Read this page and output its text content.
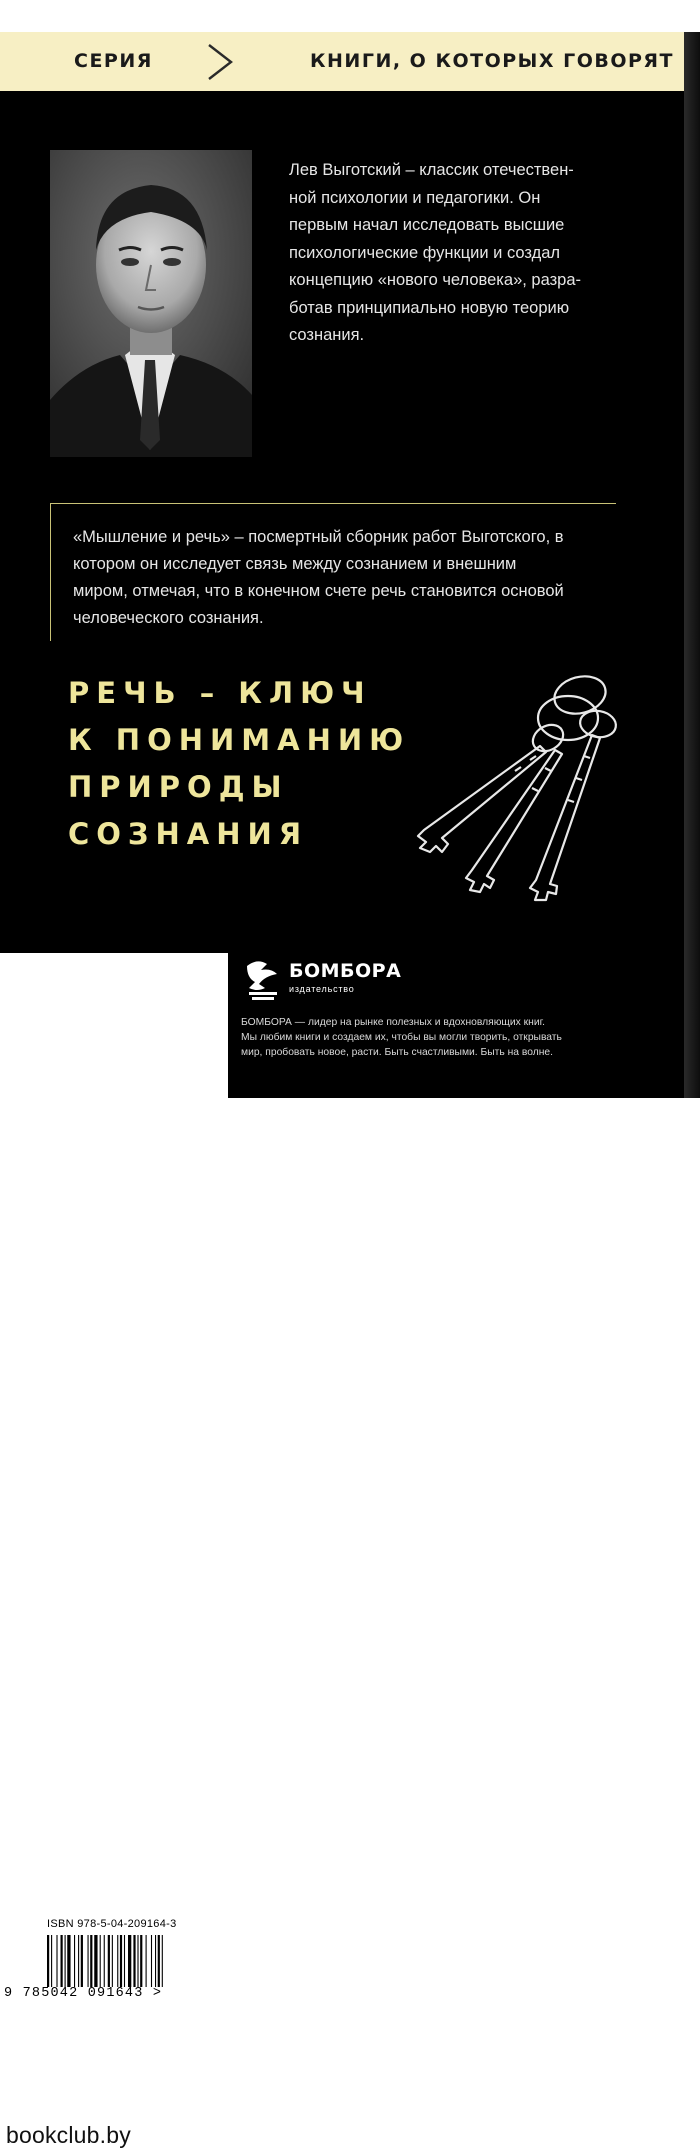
СЕРИЯ	КНИГИ, О КОТОРЫХ ГОВОРЯТ
Лев Выготский – классик отечествен-
ной психологии и педагогики. Он
первым начал исследовать высшие
психологические функции и создал
концепцию «нового человека», разра-
ботав принципиально новую теорию
сознания.
«Мышление и речь» – посмертный сборник работ Выготского, в
котором он исследует связь между сознанием и внешним
миром, отмечая, что в конечном счете речь становится основой
человеческого сознания.
РЕЧЬ – КЛЮЧ
К ПОНИМАНИЮ
ПРИРОДЫ
СОЗНАНИЯ
ISBN 978-5-04-209164-3
9 785042 091643 >
БОМБОРА
издательство
БОМБОРА — лидер на рынке полезных и вдохновляющих книг.
Мы любим книги и создаем их, чтобы вы могли творить, открывать
мир, пробовать новое, расти. Быть счастливыми. Быть на волне.
bookclub.by
